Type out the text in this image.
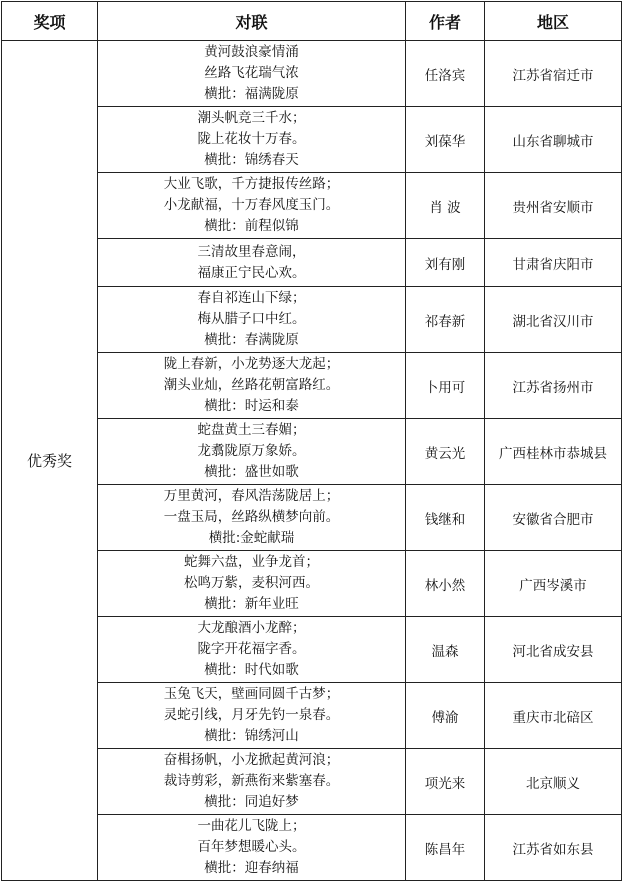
奖项	对联	作者	地区
优秀奖	黄河鼓浪豪情涌
丝路飞花瑞气浓
横批：福满陇原	任洛宾	江苏省宿迁市

	潮头帆竞三千水；
陇上花妆十万春。
横批：锦绣春天	刘葆华	山东省聊城市

	大业飞歌，千方捷报传丝路；
小龙献福，十万春风度玉门。
横批：前程似锦	肖 波	贵州省安顺市

	三清故里春意闹，
福康正宁民心欢。	刘有刚	甘肃省庆阳市

	春自祁连山下绿；
梅从腊子口中红。
横批：春满陇原	祁春新	湖北省汉川市

	陇上春新，小龙势逐大龙起；
潮头业灿，丝路花朝富路红。
横批：时运和泰	卜用可	江苏省扬州市

	蛇盘黄土三春媚；
龙翥陇原万象娇。
横批：盛世如歌	黄云光	广西桂林市恭城县

	万里黄河，春风浩荡陇居上；
一盘玉局，丝路纵横梦向前。
横批:金蛇献瑞	钱继和	安徽省合肥市

	蛇舞六盘，业争龙首；
松鸣万紫，麦积河西。
横批：新年业旺	林小然	广西岑溪市

	大龙酿酒小龙醉；
陇字开花福字香。
横批：时代如歌	温森	河北省成安县

	玉兔飞天，壁画同圆千古梦；
灵蛇引线，月牙先钓一泉春。
横批：锦绣河山	傅渝	重庆市北碚区

	奋楫扬帆，小龙掀起黄河浪；
裁诗剪彩，新燕衔来紫塞春。
横批：同追好梦	项光来	北京顺义

	一曲花儿飞陇上；
百年梦想暖心头。
横批：迎春纳福	陈昌年	江苏省如东县
